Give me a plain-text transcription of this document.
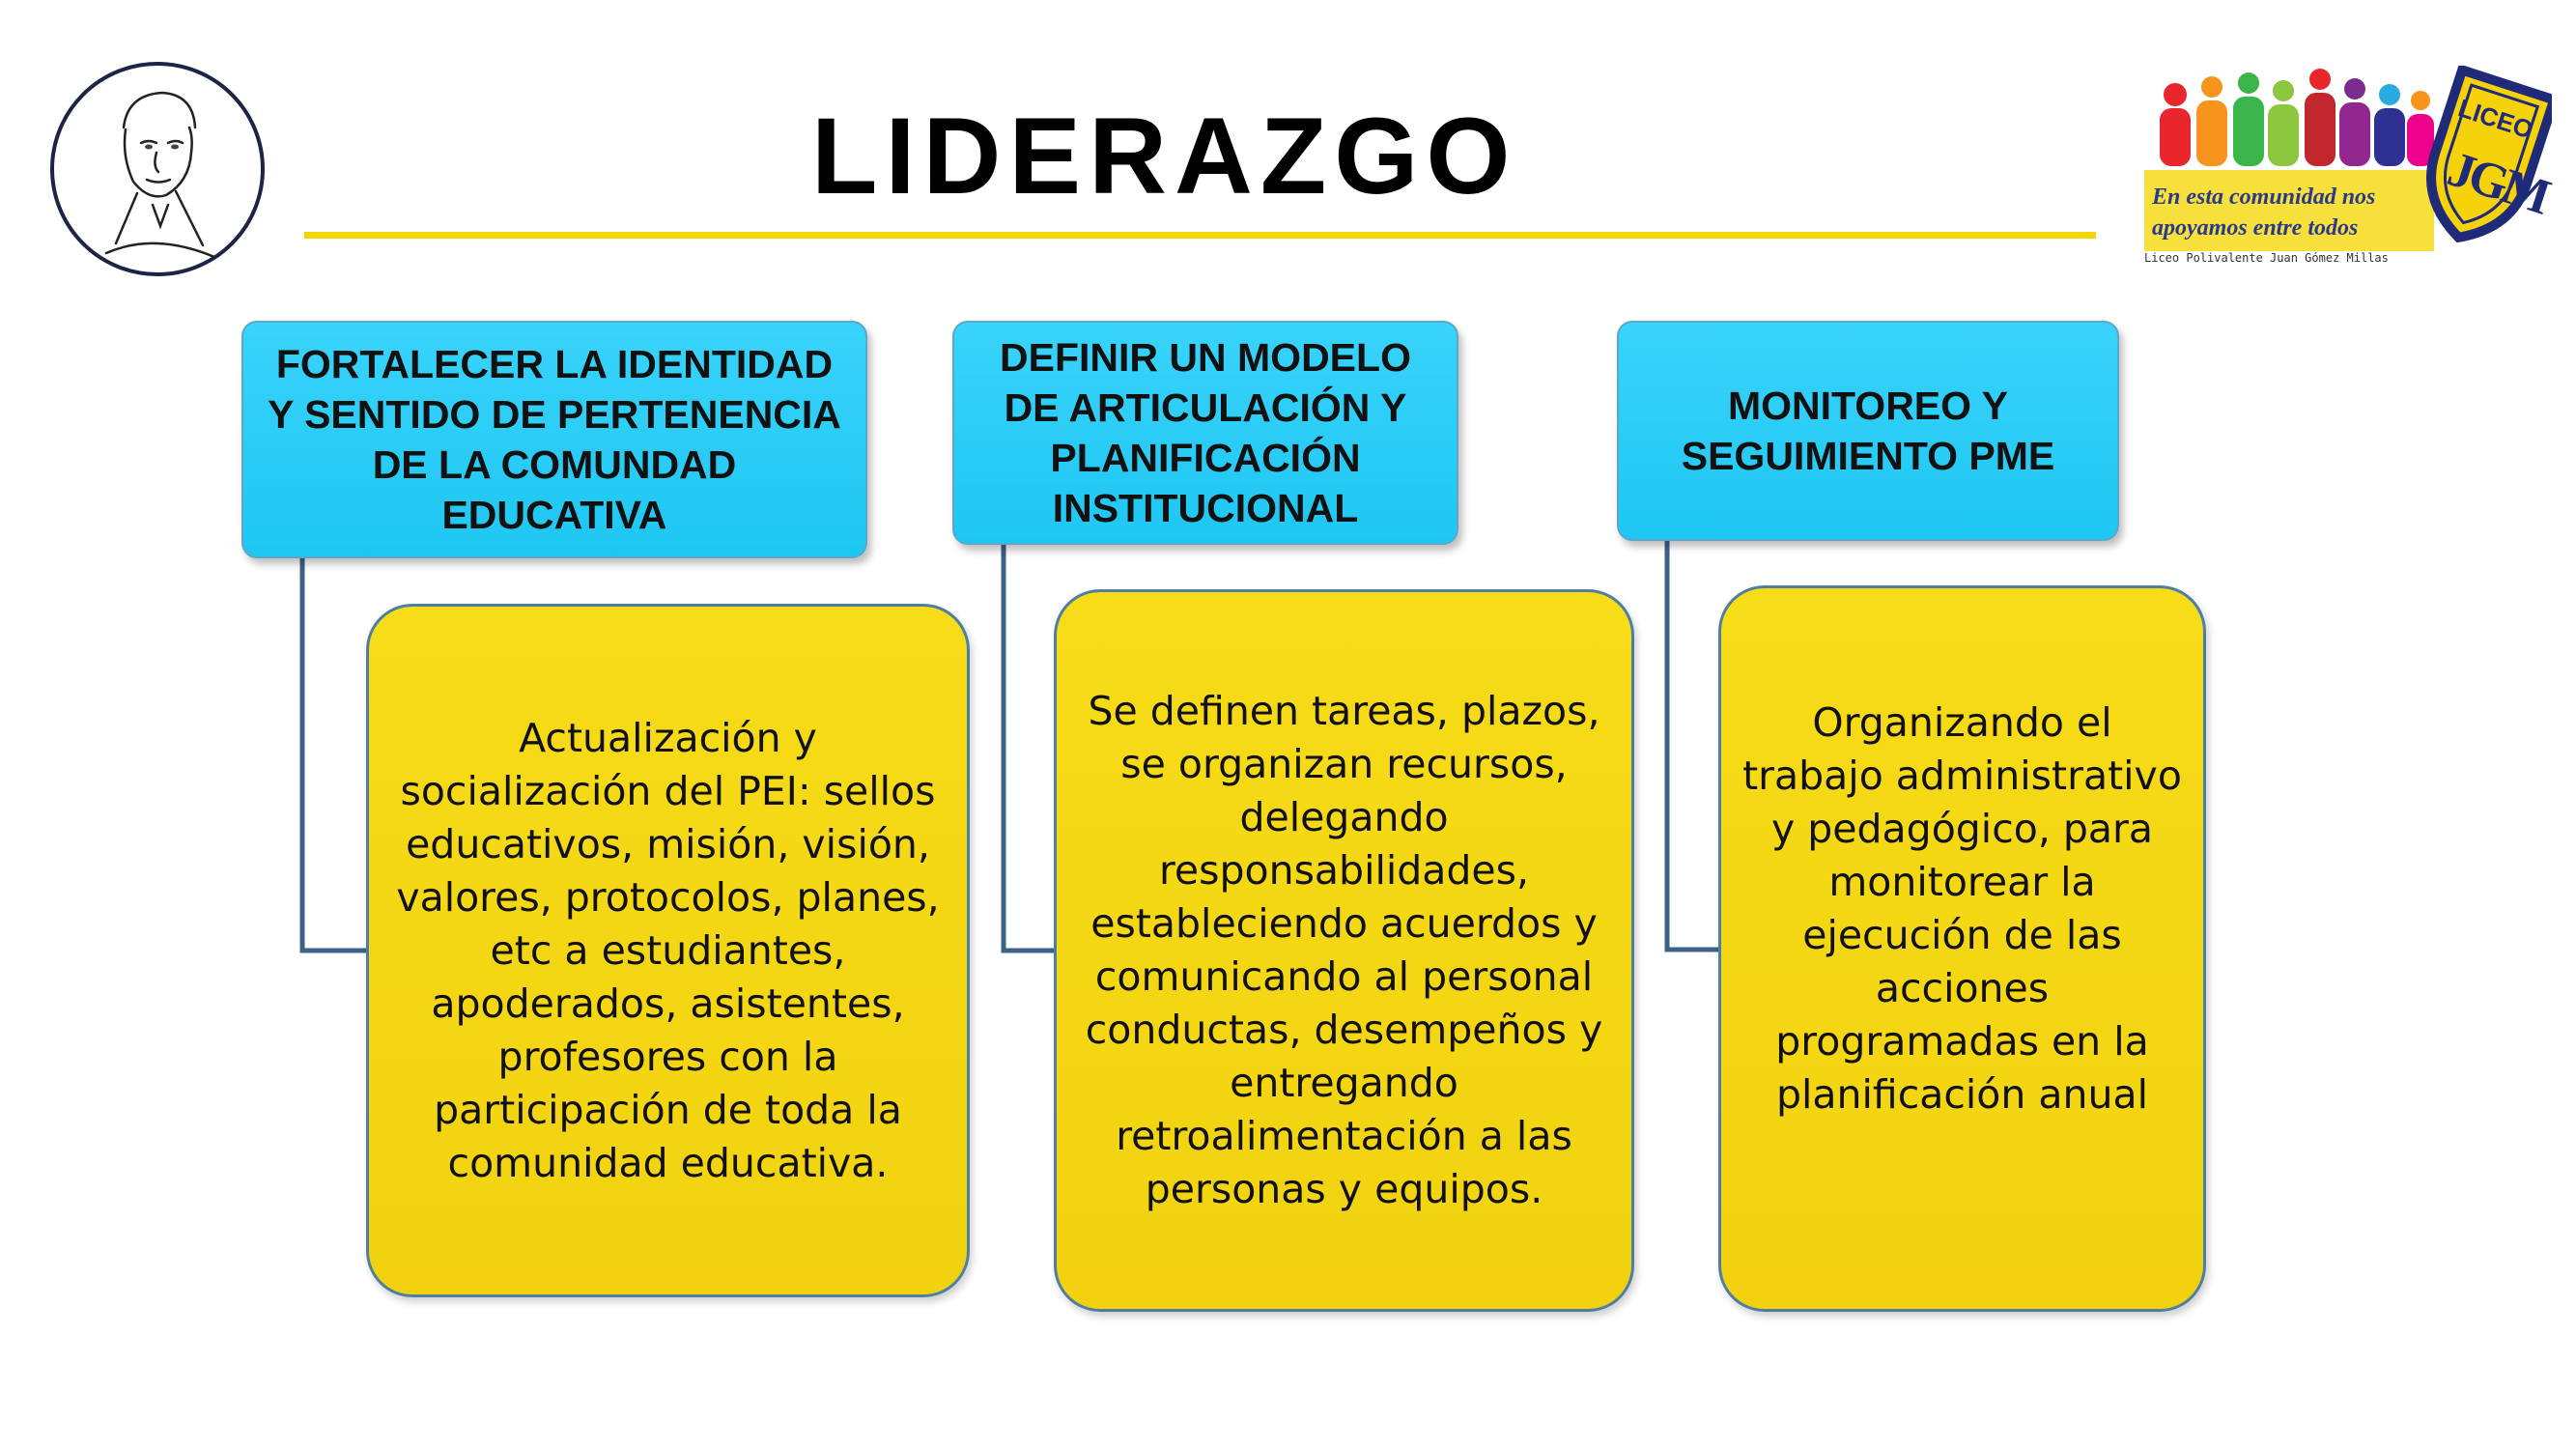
LIDERAZGO	En esta comunidad nos apoyamos entre todos
Liceo Polivalente Juan Gómez Millas
LICEO
JGM
FORTALECER LA IDENTIDAD Y SENTIDO DE PERTENENCIA DE LA COMUNDAD EDUCATIVA
Actualización y socialización del PEI: sellos educativos, misión, visión, valores, protocolos, planes, etc a estudiantes, apoderados, asistentes, profesores con la participación de toda la comunidad educativa.
DEFINIR UN MODELO DE ARTICULACIÓN Y PLANIFICACIÓN INSTITUCIONAL
Se definen tareas, plazos, se organizan recursos, delegando responsabilidades, estableciendo acuerdos y comunicando al personal conductas, desempeños y entregando retroalimentación a las personas y equipos.
MONITOREO Y SEGUIMIENTO PME
Organizando el trabajo administrativo y pedagógico, para monitorear la ejecución de las acciones programadas en la planificación anual
